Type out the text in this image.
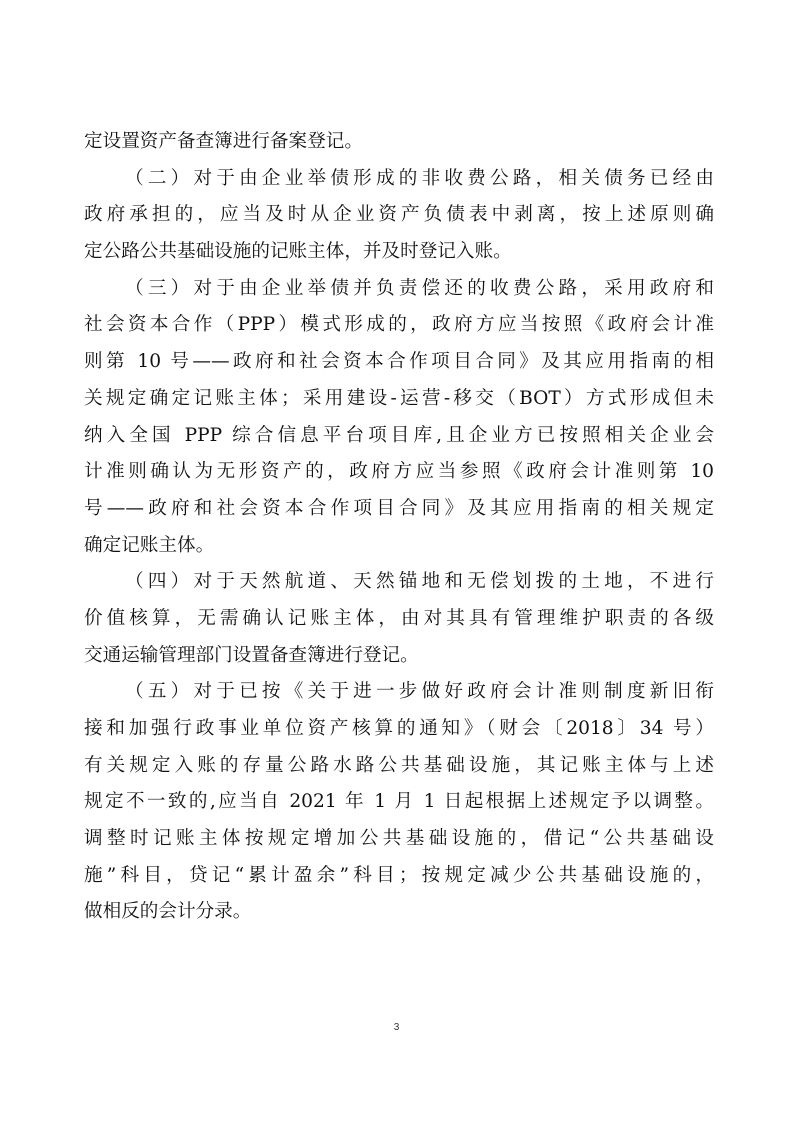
定设置资产备查簿进行备案登记。
（二）对于由企业举债形成的非收费公路，相关债务已经由
政府承担的，应当及时从企业资产负债表中剥离，按上述原则确
定公路公共基础设施的记账主体，并及时登记入账。
（三）对于由企业举债并负责偿还的收费公路，采用政府和
社会资本合作（PPP）模式形成的，政府方应当按照《政府会计准
则第 10 号——政府和社会资本合作项目合同》及其应用指南的相
关规定确定记账主体；采用建设-运营-移交（BOT）方式形成但未
纳入全国 PPP 综合信息平台项目库,且企业方已按照相关企业会
计准则确认为无形资产的，政府方应当参照《政府会计准则第 10
号——政府和社会资本合作项目合同》及其应用指南的相关规定
确定记账主体。
（四）对于天然航道、天然锚地和无偿划拨的土地，不进行
价值核算，无需确认记账主体，由对其具有管理维护职责的各级
交通运输管理部门设置备查簿进行登记。
（五）对于已按《关于进一步做好政府会计准则制度新旧衔
接和加强行政事业单位资产核算的通知》（财会〔2018〕34 号）
有关规定入账的存量公路水路公共基础设施，其记账主体与上述
规定不一致的,应当自 2021 年 1 月 1 日起根据上述规定予以调整。
调整时记账主体按规定增加公共基础设施的，借记“公共基础设
施”科目，贷记“累计盈余”科目；按规定减少公共基础设施的，
做相反的会计分录。
3
